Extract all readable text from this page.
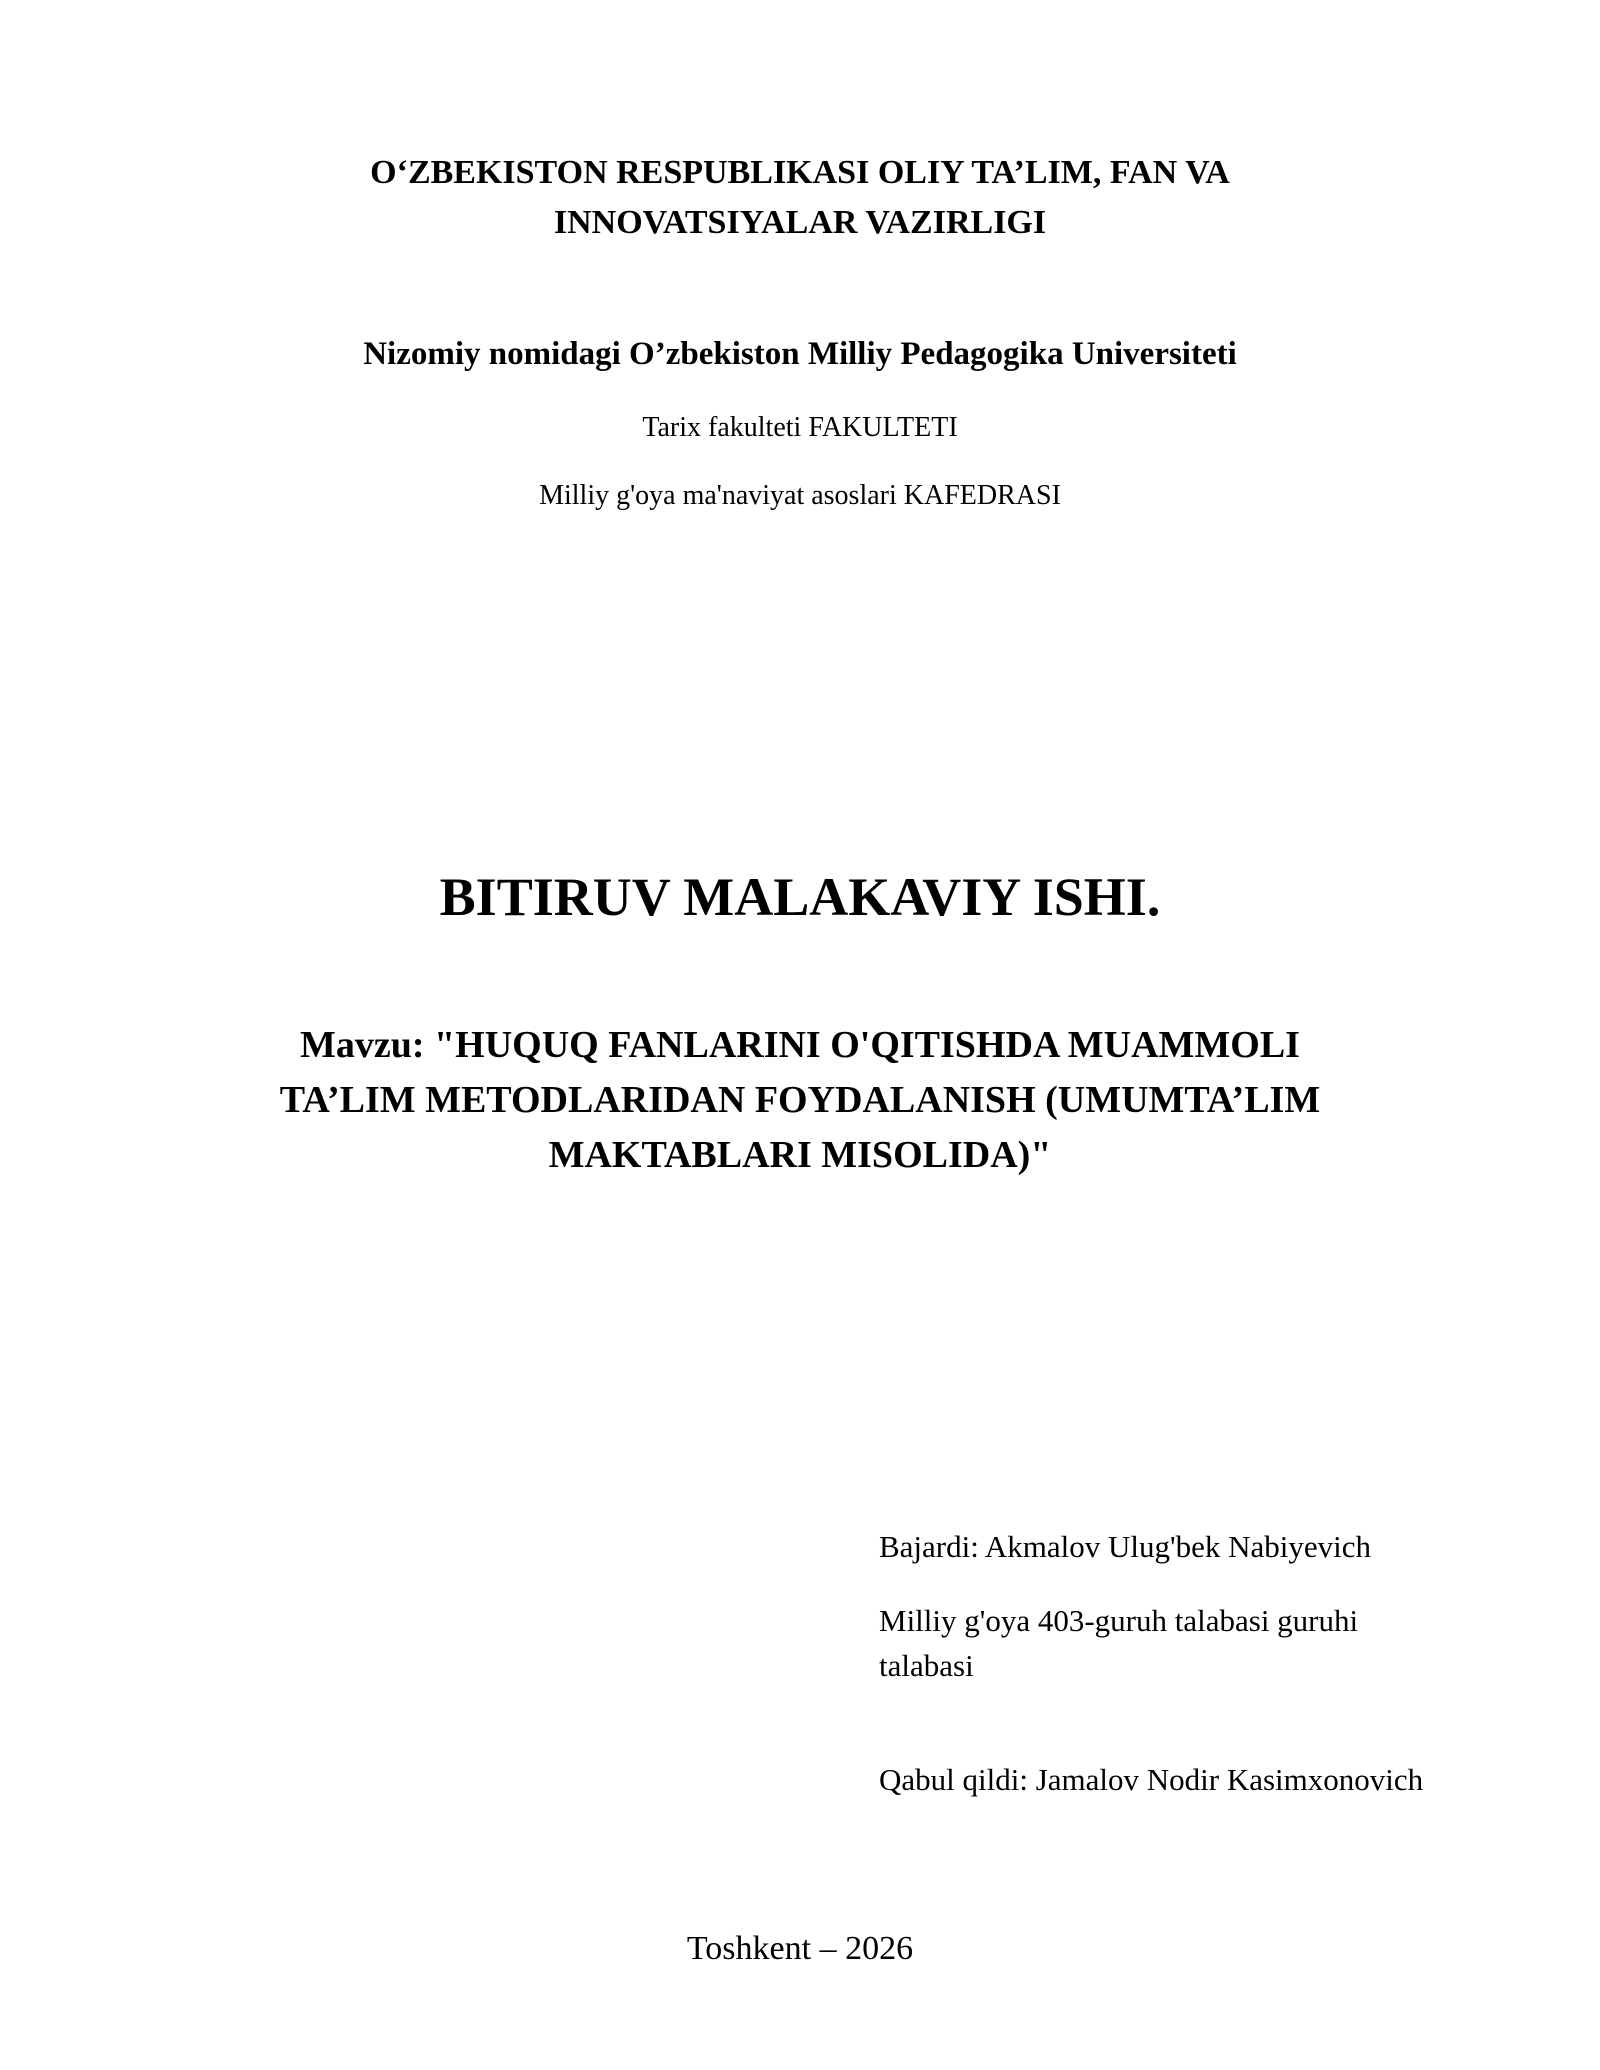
O‘ZBEKISTON RESPUBLIKASI OLIY TA’LIM, FAN VA
INNOVATSIYALAR VAZIRLIGI
Nizomiy nomidagi O’zbekiston Milliy Pedagogika Universiteti
Tarix fakulteti FAKULTETI
Milliy g'oya ma'naviyat asoslari KAFEDRASI
BITIRUV MALAKAVIY ISHI.
Mavzu: "HUQUQ FANLARINI O'QITISHDA MUAMMOLI
TA’LIM METODLARIDAN FOYDALANISH (UMUMTA’LIM
MAKTABLARI MISOLIDA)"
Bajardi: Akmalov Ulug'bek Nabiyevich
Milliy g'oya 403-guruh talabasi guruhi
talabasi
Qabul qildi: Jamalov Nodir Kasimxonovich
Toshkent – 2026
